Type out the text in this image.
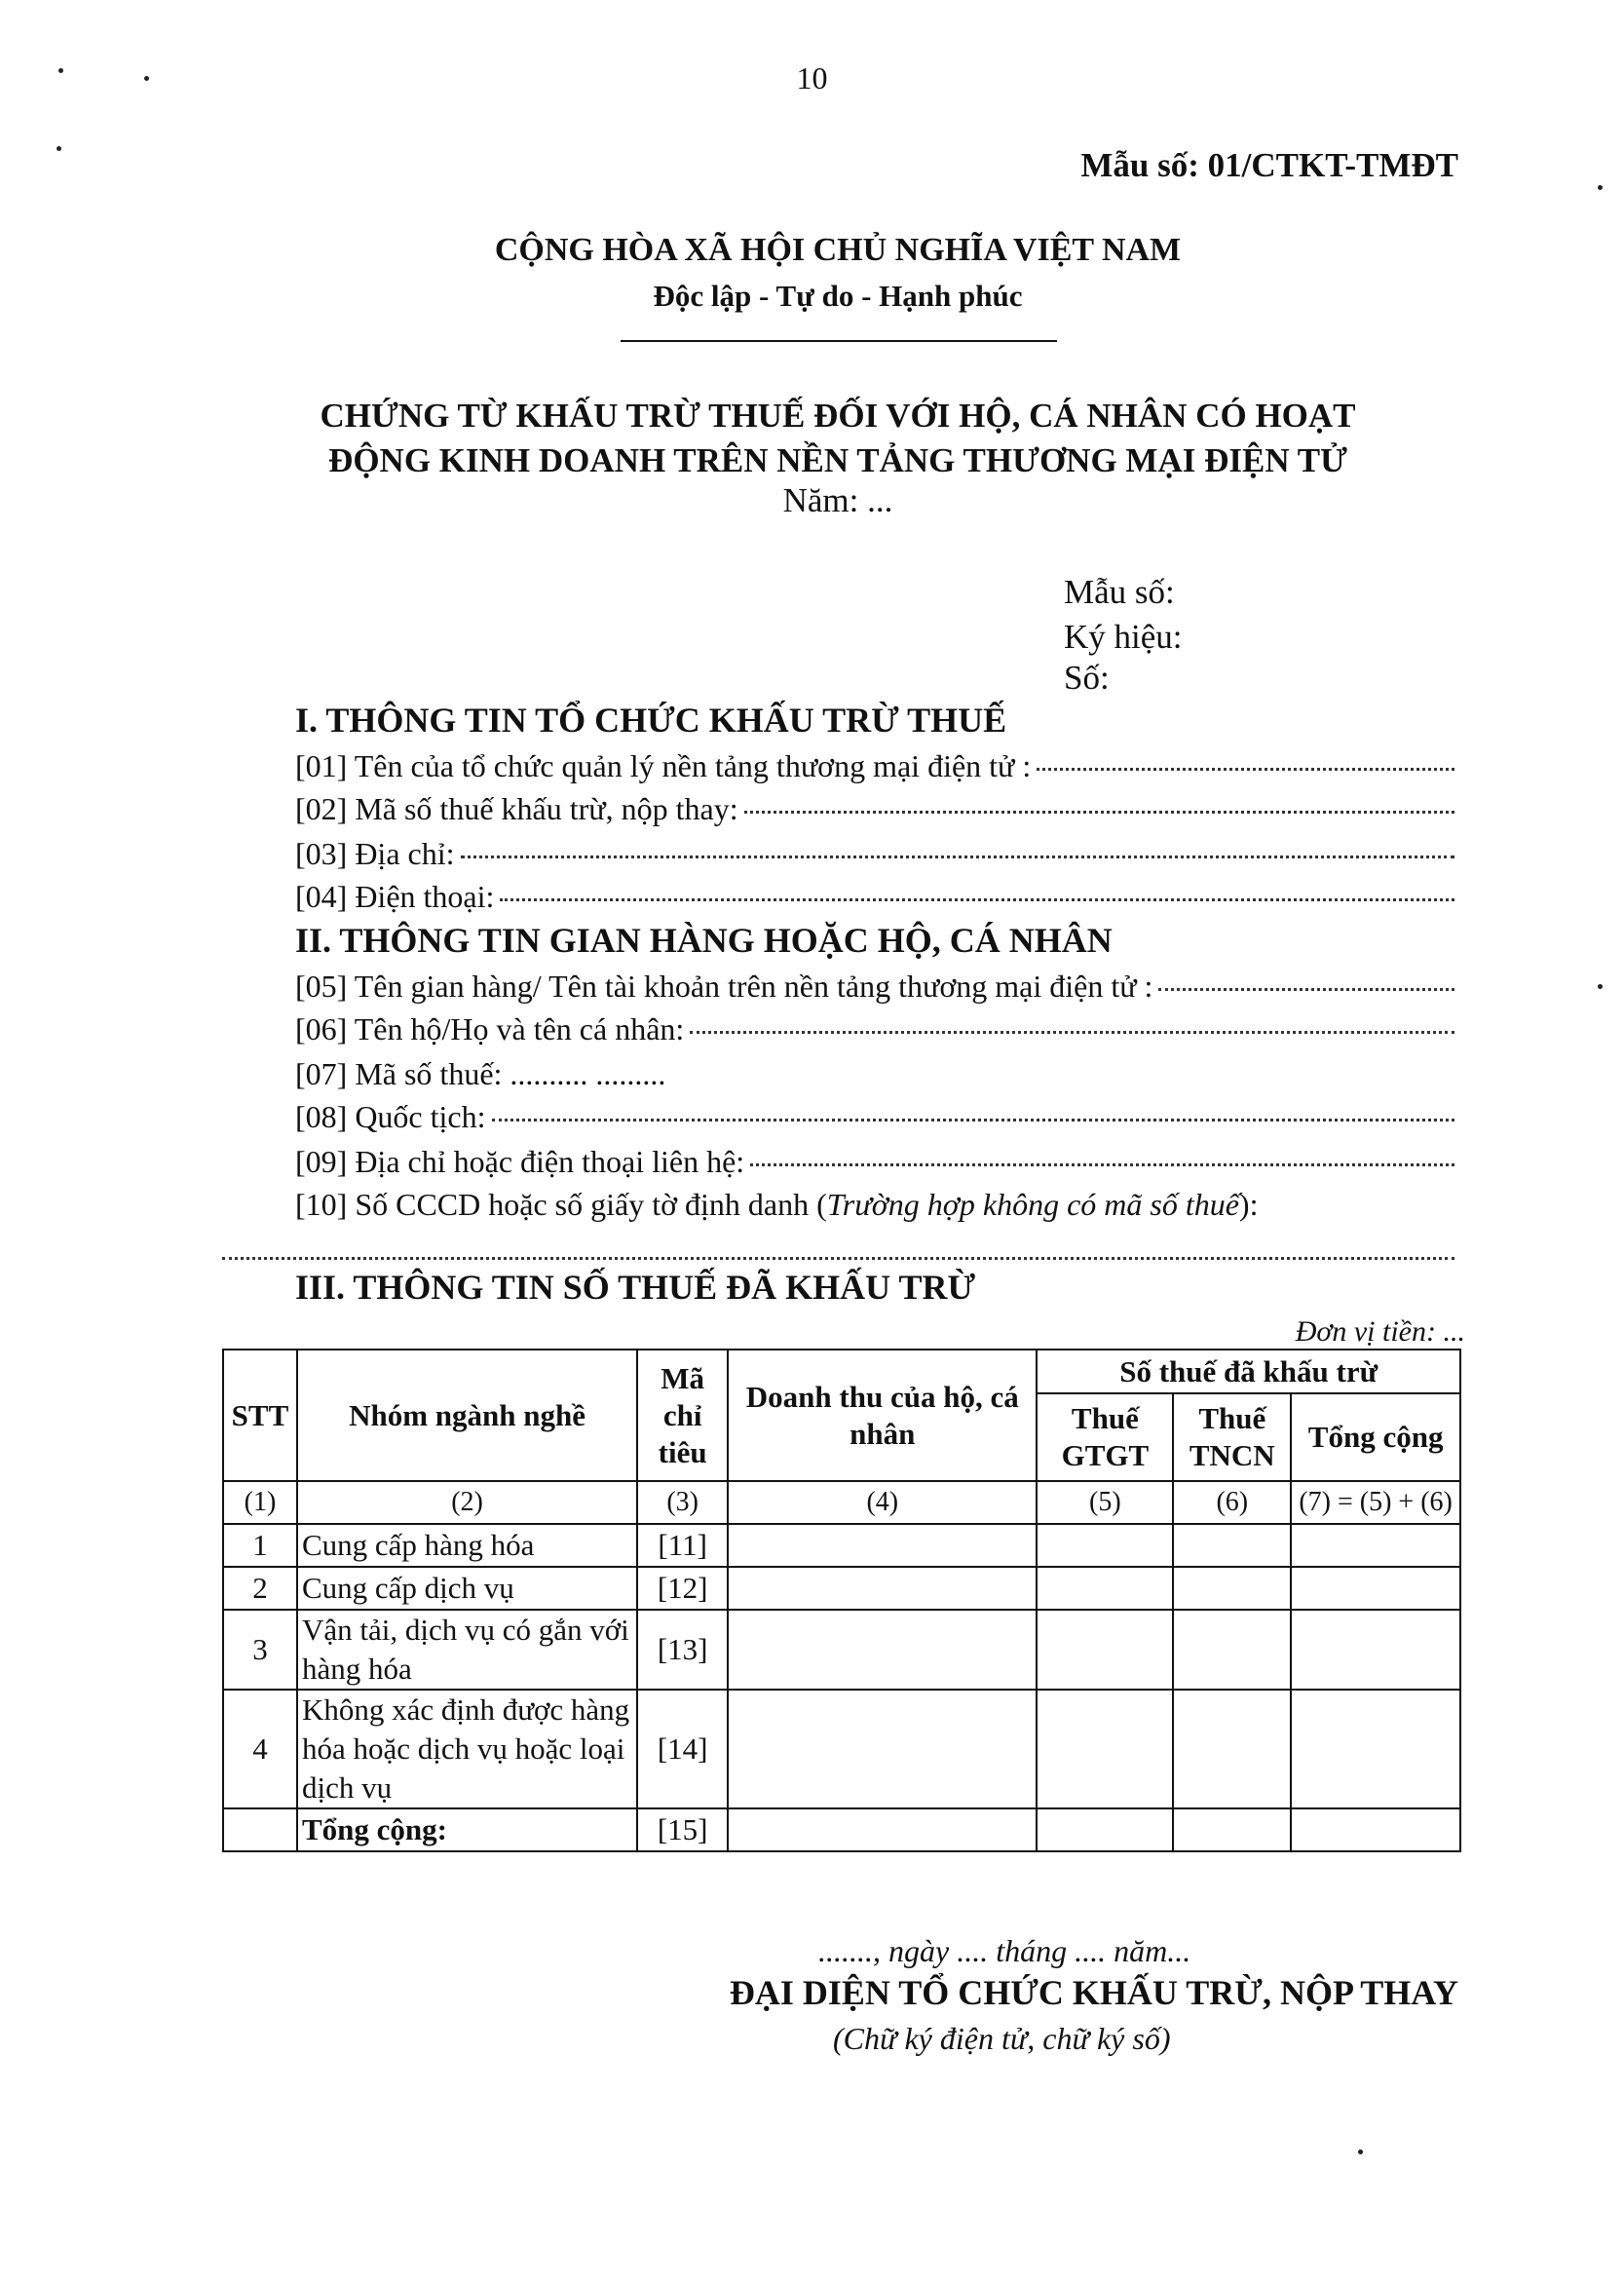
10
Mẫu số: 01/CTKT-TMĐT
CỘNG HÒA XÃ HỘI CHỦ NGHĨA VIỆT NAM
Độc lập - Tự do - Hạnh phúc
CHỨNG TỪ KHẤU TRỪ THUẾ ĐỐI VỚI HỘ, CÁ NHÂN CÓ HOẠT
ĐỘNG KINH DOANH TRÊN NỀN TẢNG THƯƠNG MẠI ĐIỆN TỬ
Năm: ...
Mẫu số:
Ký hiệu:
Số:
I. THÔNG TIN TỔ CHỨC KHẤU TRỪ THUẾ
[01] Tên của tổ chức quản lý nền tảng thương mại điện tử :
[02] Mã số thuế khấu trừ, nộp thay:
[03] Địa chỉ:
[04] Điện thoại:
II. THÔNG TIN GIAN HÀNG HOẶC HỘ, CÁ NHÂN
[05] Tên gian hàng/ Tên tài khoản trên nền tảng thương mại điện tử :
[06] Tên hộ/Họ và tên cá nhân:
[07] Mã số thuế: .......... .........
[08] Quốc tịch:
[09] Địa chỉ hoặc điện thoại liên hệ:
[10] Số CCCD hoặc số giấy tờ định danh (Trường hợp không có mã số thuế):
III. THÔNG TIN SỐ THUẾ ĐÃ KHẤU TRỪ
Đơn vị tiền: ...
STT	Nhóm ngành nghề	Mã chỉ tiêu	Doanh thu của hộ, cá nhân	Số thuế đã khấu trừ		
				Thuế GTGT	Thuế TNCN	Tổng cộng
(1)	(2)	(3)	(4)	(5)	(6)	(7) = (5) + (6)
1	Cung cấp hàng hóa	[11]				
2	Cung cấp dịch vụ	[12]				
3	Vận tải, dịch vụ có gắn với hàng hóa	[13]				
4	Không xác định được hàng hóa hoặc dịch vụ hoặc loại dịch vụ	[14]				
	Tổng cộng:	[15]				
......., ngày .... tháng .... năm...
ĐẠI DIỆN TỔ CHỨC KHẤU TRỪ, NỘP THAY
(Chữ ký điện tử, chữ ký số)
